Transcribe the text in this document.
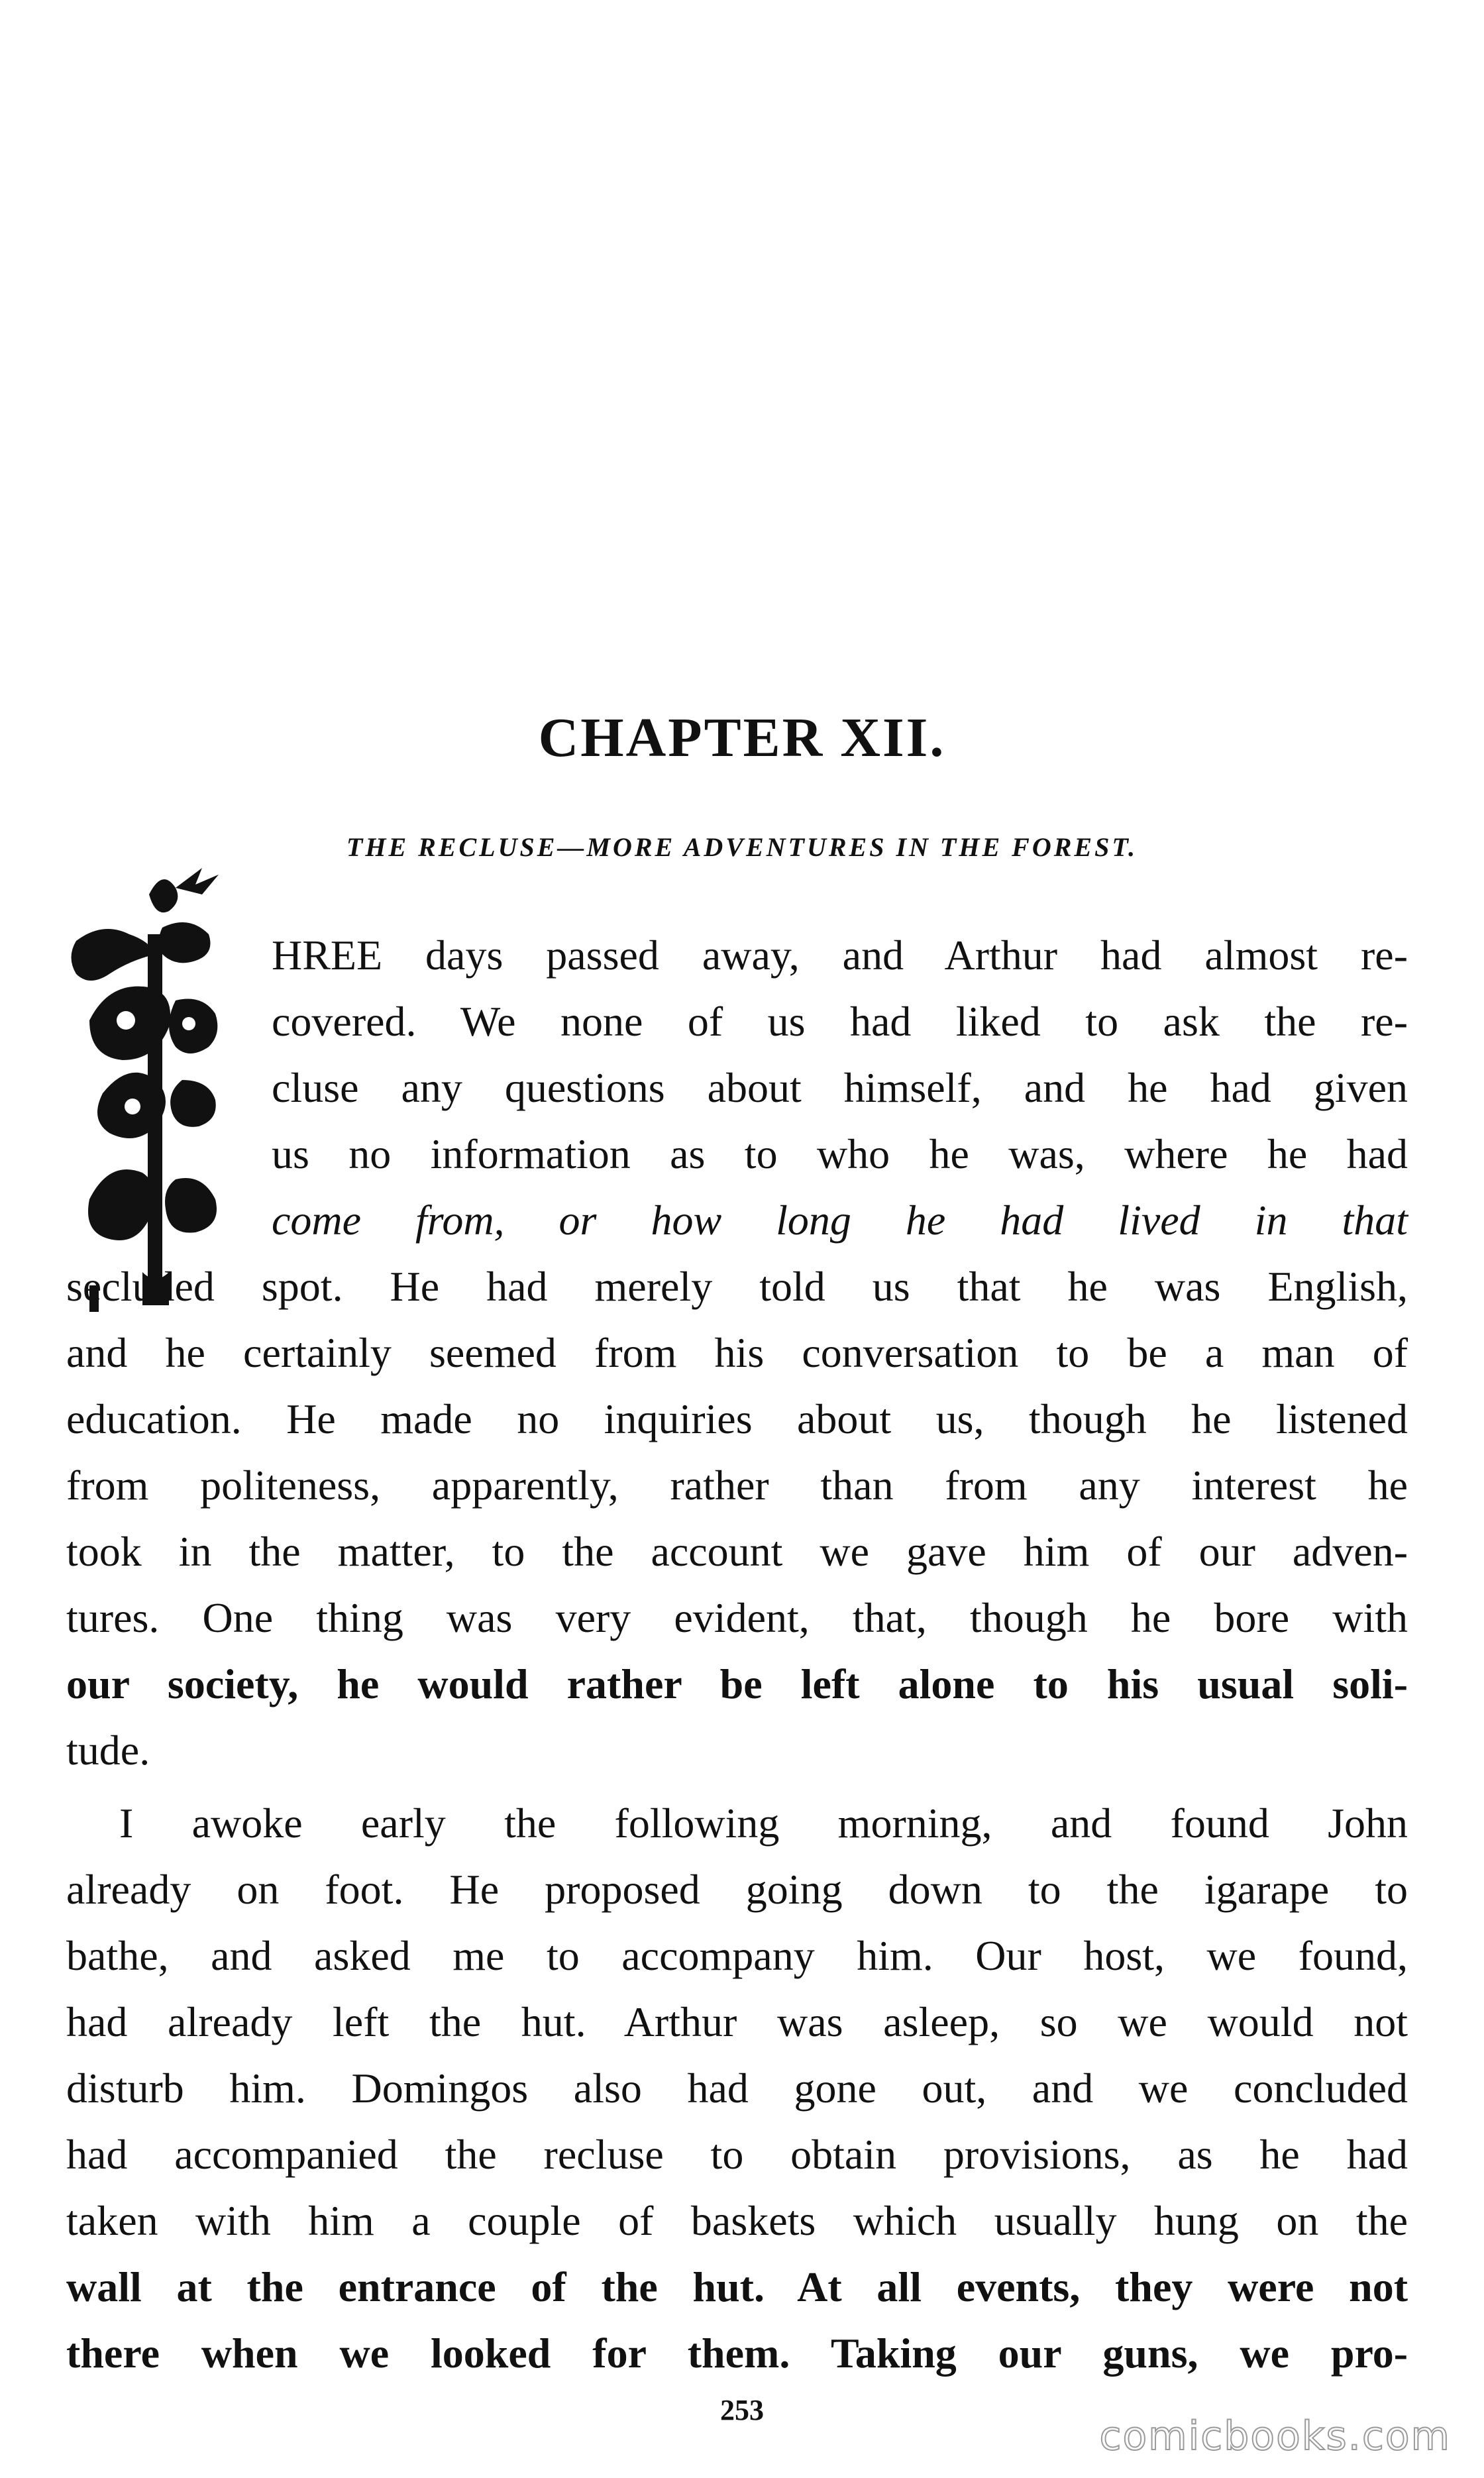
CHAPTER XII.
THE RECLUSE—MORE ADVENTURES IN THE FOREST.
HREE days passed away, and Arthur had almost re-
covered. We none of us had liked to ask the re-
cluse any questions about himself, and he had given
us no information as to who he was, where he had
come from, or how long he had lived in that
secluded spot. He had merely told us that he was English,
and he certainly seemed from his conversation to be a man of
education. He made no inquiries about us, though he listened
from politeness, apparently, rather than from any interest he
took in the matter, to the account we gave him of our adven-
tures. One thing was very evident, that, though he bore with
our society, he would rather be left alone to his usual soli-
tude.
I awoke early the following morning, and found John
already on foot. He proposed going down to the igarape to
bathe, and asked me to accompany him. Our host, we found,
had already left the hut. Arthur was asleep, so we would not
disturb him. Domingos also had gone out, and we concluded
had accompanied the recluse to obtain provisions, as he had
taken with him a couple of baskets which usually hung on the
wall at the entrance of the hut. At all events, they were not
there when we looked for them. Taking our guns, we pro-
253
comicbooks.com
